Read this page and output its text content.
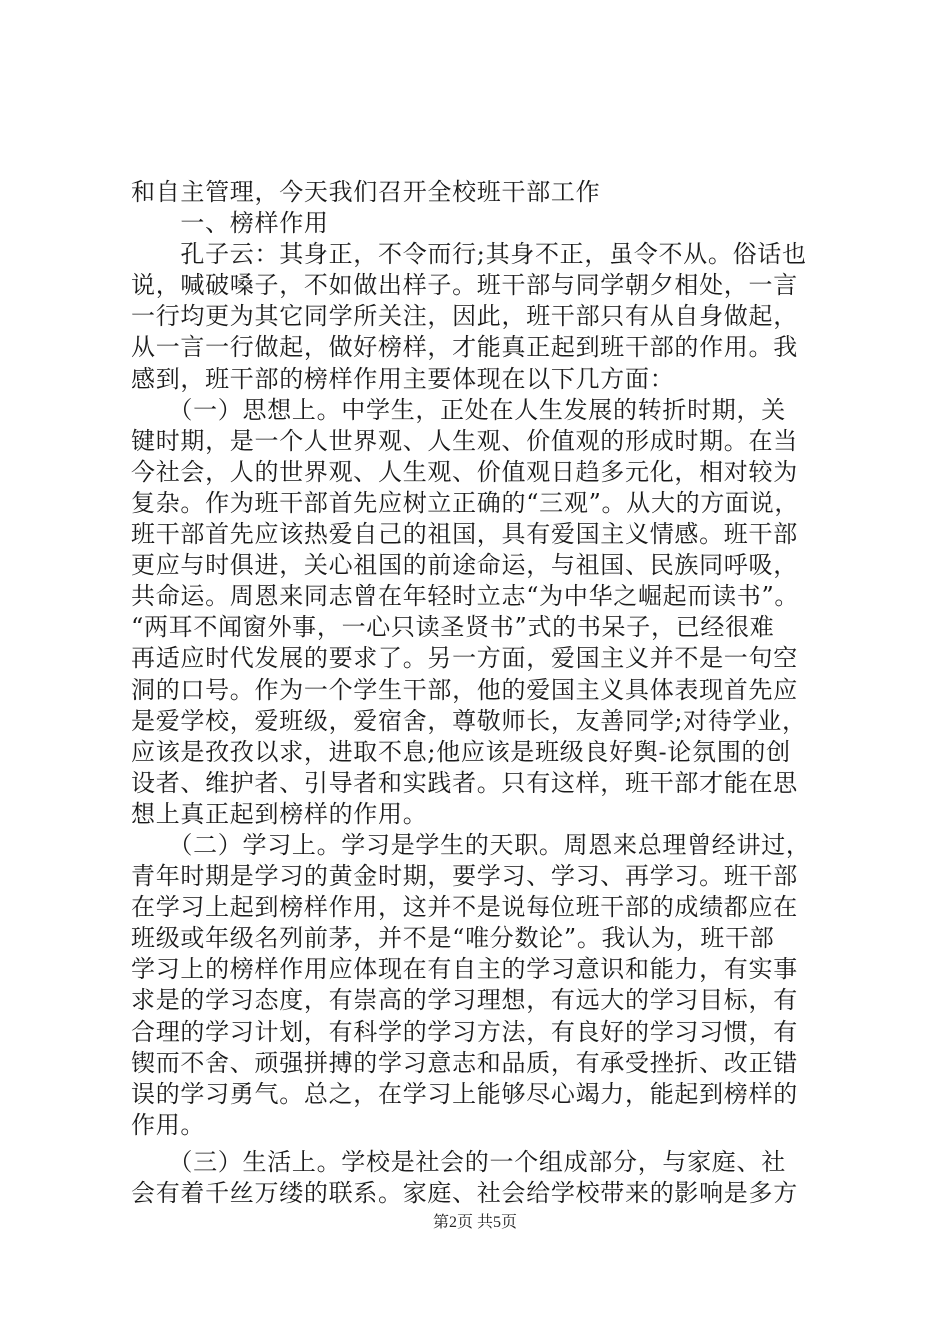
和自主管理，今天我们召开全校班干部工作
　　一、榜样作用
　　孔子云：其身正，不令而行;其身不正，虽令不从。俗话也
说，喊破嗓子，不如做出样子。班干部与同学朝夕相处，一言
一行均更为其它同学所关注，因此，班干部只有从自身做起，
从一言一行做起，做好榜样，才能真正起到班干部的作用。我
感到，班干部的榜样作用主要体现在以下几方面：
　　（一）思想上。中学生，正处在人生发展的转折时期，关
键时期，是一个人世界观、人生观、价值观的形成时期。在当
今社会，人的世界观、人生观、价值观日趋多元化，相对较为
复杂。作为班干部首先应树立正确的“三观”。从大的方面说，
班干部首先应该热爱自己的祖国，具有爱国主义情感。班干部
更应与时俱进，关心祖国的前途命运，与祖国、民族同呼吸，
共命运。周恩来同志曾在年轻时立志“为中华之崛起而读书”。
“两耳不闻窗外事，一心只读圣贤书”式的书呆子，已经很难
再适应时代发展的要求了。另一方面，爱国主义并不是一句空
洞的口号。作为一个学生干部，他的爱国主义具体表现首先应
是爱学校，爱班级，爱宿舍，尊敬师长，友善同学;对待学业，
应该是孜孜以求，进取不息;他应该是班级良好舆-论氛围的创
设者、维护者、引导者和实践者。只有这样，班干部才能在思
想上真正起到榜样的作用。
　　（二）学习上。学习是学生的天职。周恩来总理曾经讲过，
青年时期是学习的黄金时期，要学习、学习、再学习。班干部
在学习上起到榜样作用，这并不是说每位班干部的成绩都应在
班级或年级名列前茅，并不是“唯分数论”。我认为，班干部
学习上的榜样作用应体现在有自主的学习意识和能力，有实事
求是的学习态度，有崇高的学习理想，有远大的学习目标，有
合理的学习计划，有科学的学习方法，有良好的学习习惯，有
锲而不舍、顽强拼搏的学习意志和品质，有承受挫折、改正错
误的学习勇气。总之，在学习上能够尽心竭力，能起到榜样的
作用。
　　（三）生活上。学校是社会的一个组成部分，与家庭、社
会有着千丝万缕的联系。家庭、社会给学校带来的影响是多方
第2页 共5页
